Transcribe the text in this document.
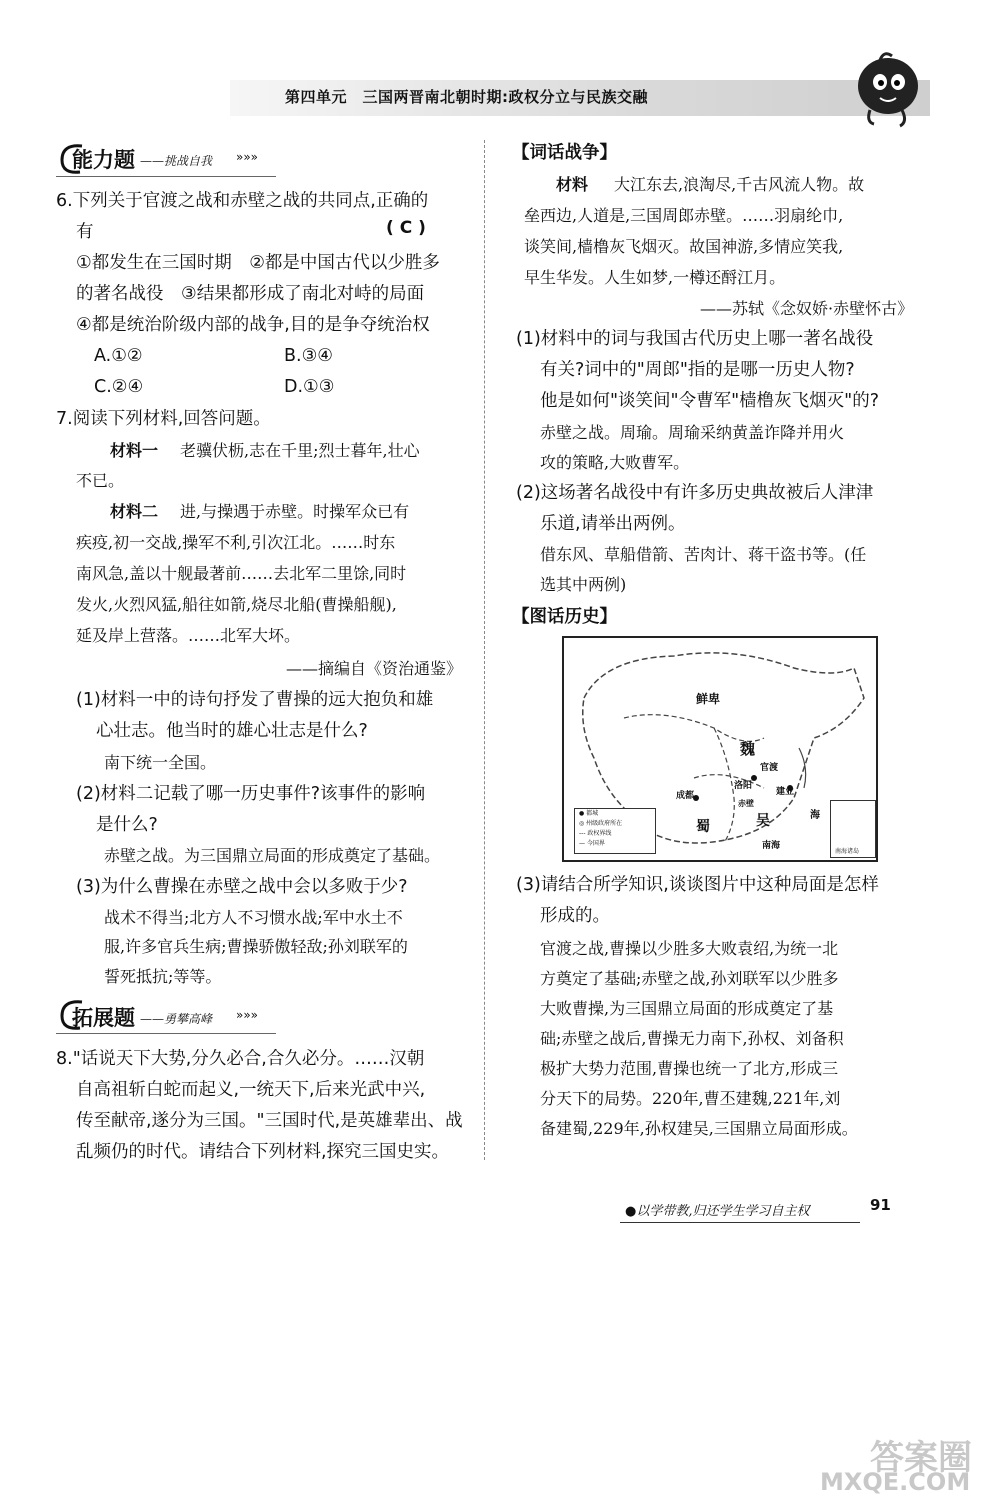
第四单元　三国两晋南北朝时期:政权分立与民族交融
能力题 ——挑战自我 »»»
6.下列关于官渡之战和赤壁之战的共同点,正确的
有	( C )
①都发生在三国时期　②都是中国古代以少胜多
的著名战役　③结果都形成了南北对峙的局面
④都是统治阶级内部的战争,目的是争夺统治权
A.①②	B.③④
C.②④	D.①③
7.阅读下列材料,回答问题。
材料一 老骥伏枥,志在千里;烈士暮年,壮心
不已。
材料二 进,与操遇于赤壁。时操军众已有
疾疫,初一交战,操军不利,引次江北。……时东
南风急,盖以十舰最著前……去北军二里馀,同时
发火,火烈风猛,船往如箭,烧尽北船(曹操船舰),
延及岸上营落。……北军大坏。
——摘编自《资治通鉴》
(1)材料一中的诗句抒发了曹操的远大抱负和雄
心壮志。他当时的雄心壮志是什么?
南下统一全国。
(2)材料二记载了哪一历史事件?该事件的影响
是什么?
赤壁之战。为三国鼎立局面的形成奠定了基础。
(3)为什么曹操在赤壁之战中会以多败于少?
战术不得当;北方人不习惯水战;军中水土不
服,许多官兵生病;曹操骄傲轻敌;孙刘联军的
誓死抵抗;等等。
拓展题 ——勇攀高峰 »»»
8."话说天下大势,分久必合,合久必分。……汉朝
自高祖斩白蛇而起义,一统天下,后来光武中兴,
传至献帝,遂分为三国。"三国时代,是英雄辈出、战
乱频仍的时代。请结合下列材料,探究三国史实。
【词话战争】
材料 大江东去,浪淘尽,千古风流人物。故
垒西边,人道是,三国周郎赤壁。……羽扇纶巾,
谈笑间,樯橹灰飞烟灭。故国神游,多情应笑我,
早生华发。人生如梦,一樽还酹江月。
——苏轼《念奴娇·赤壁怀古》
(1)材料中的词与我国古代历史上哪一著名战役
有关?词中的"周郎"指的是哪一历史人物?
他是如何"谈笑间"令曹军"樯橹灰飞烟灭"的?
赤壁之战。周瑜。周瑜采纳黄盖诈降并用火
攻的策略,大败曹军。
(2)这场著名战役中有许多历史典故被后人津津
乐道,请举出两例。
借东风、草船借箭、苦肉计、蒋干盗书等。(任
选其中两例)
【图话历史】
鲜卑
魏
官渡
洛阳
成都
赤壁
建业
蜀	吴	海
南海
● 都城
◎ 州级政府所在
--- 政权界线
— 今国界
南海诸岛
(3)请结合所学知识,谈谈图片中这种局面是怎样
形成的。
官渡之战,曹操以少胜多大败袁绍,为统一北
方奠定了基础;赤壁之战,孙刘联军以少胜多
大败曹操,为三国鼎立局面的形成奠定了基
础;赤壁之战后,曹操无力南下,孙权、刘备积
极扩大势力范围,曹操也统一了北方,形成三
分天下的局势。220年,曹丕建魏,221年,刘
备建蜀,229年,孙权建吴,三国鼎立局面形成。
●以学带教,归还学生学习自主权	91
答案圈
MXQE.COM
